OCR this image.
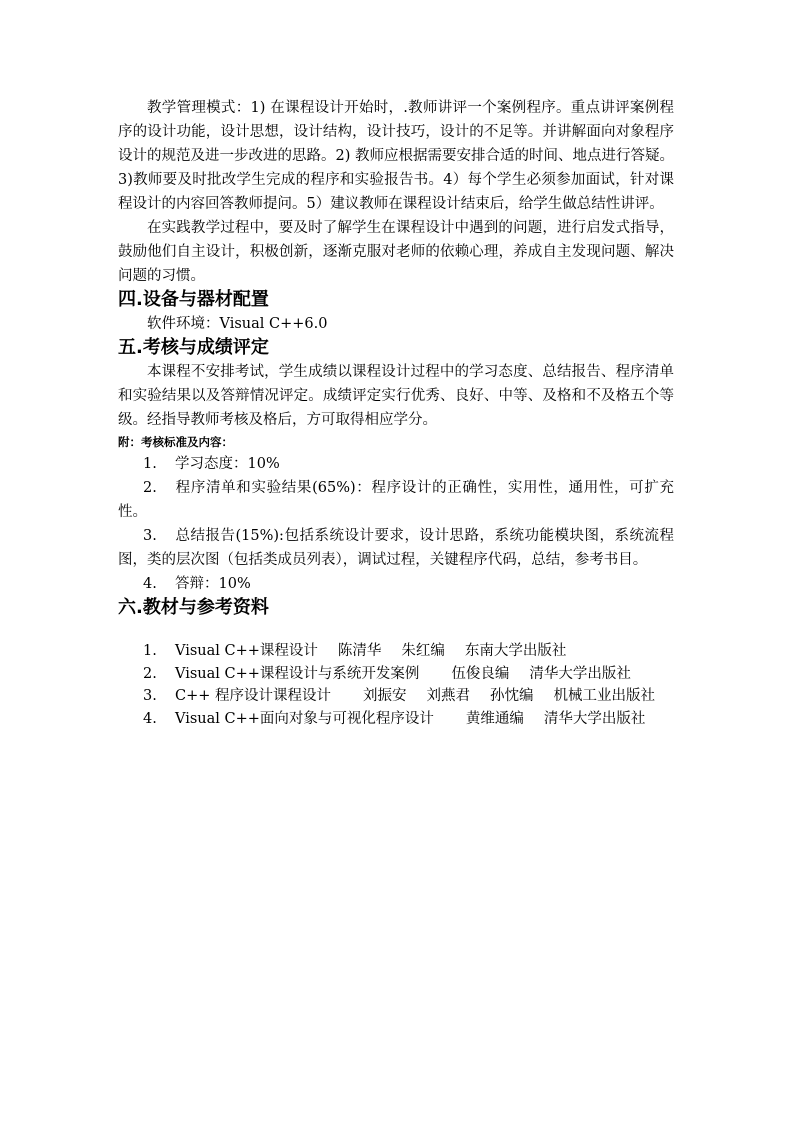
教学管理模式：1) 在课程设计开始时，.教师讲评一个案例程序。重点讲评案例程序的设计功能，设计思想，设计结构，设计技巧，设计的不足等。并讲解面向对象程序设计的规范及进一步改进的思路。2) 教师应根据需要安排合适的时间、地点进行答疑。3)教师要及时批改学生完成的程序和实验报告书。4）每个学生必须参加面试，针对课程设计的内容回答教师提问。5）建议教师在课程设计结束后，给学生做总结性讲评。

在实践教学过程中，要及时了解学生在课程设计中遇到的问题，进行启发式指导，鼓励他们自主设计，积极创新，逐渐克服对老师的依赖心理，养成自主发现问题、解决问题的习惯。

四.设备与器材配置

软件环境：Visual C++6.0

五.考核与成绩评定

本课程不安排考试，学生成绩以课程设计过程中的学习态度、总结报告、程序清单和实验结果以及答辩情况评定。成绩评定实行优秀、良好、中等、及格和不及格五个等级。经指导教师考核及格后，方可取得相应学分。

附：考核标准及内容：

1. 学习态度：10%
2. 程序清单和实验结果(65%)：程序设计的正确性，实用性，通用性，可扩充性。
3. 总结报告(15%):包括系统设计要求，设计思路，系统功能模块图，系统流程图，类的层次图（包括类成员列表），调试过程，关键程序代码，总结，参考书目。
4. 答辩：10%
六.教材与参考资料
1. Visual C++课程设计 陈清华 朱红编 东南大学出版社
2. Visual C++课程设计与系统开发案例 伍俊良编 清华大学出版社
3. C++ 程序设计课程设计 刘振安 刘燕君 孙忱编 机械工业出版社
4. Visual C++面向对象与可视化程序设计 黄维通编 清华大学出版社
